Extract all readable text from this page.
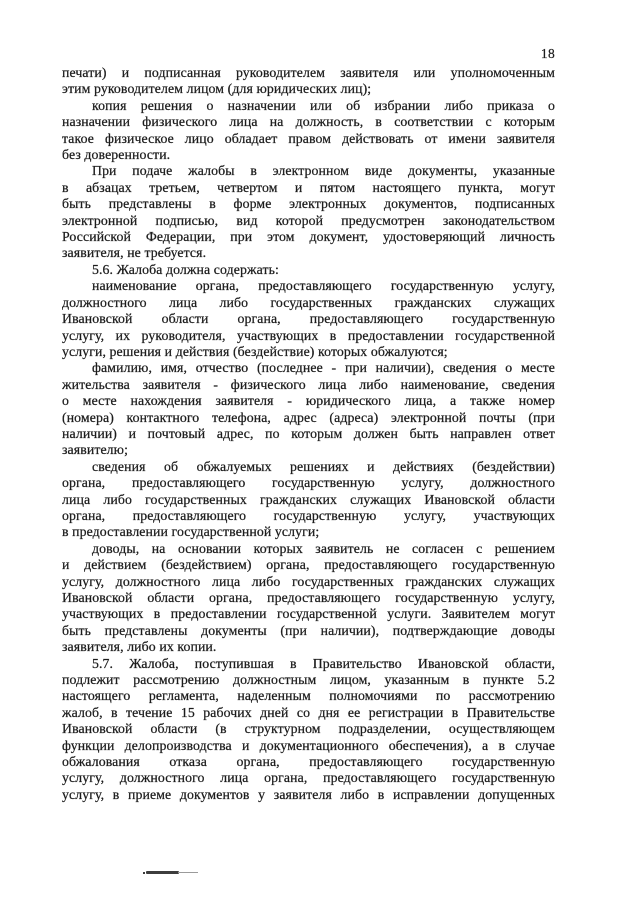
18
печати) и подписанная руководителем заявителя или уполномоченным
этим руководителем лицом (для юридических лиц);
копия решения о назначении или об избрании либо приказа о
назначении физического лица на должность, в соответствии с которым
такое физическое лицо обладает правом действовать от имени заявителя
без доверенности.
При подаче жалобы в электронном виде документы, указанные
в абзацах третьем, четвертом и пятом настоящего пункта, могут
быть представлены в форме электронных документов, подписанных
электронной подписью, вид которой предусмотрен законодательством
Российской Федерации, при этом документ, удостоверяющий личность
заявителя, не требуется.
5.6. Жалоба должна содержать:
наименование органа, предоставляющего государственную услугу,
должностного лица либо государственных гражданских служащих
Ивановской области органа, предоставляющего государственную
услугу, их руководителя, участвующих в предоставлении государственной
услуги, решения и действия (бездействие) которых обжалуются;
фамилию, имя, отчество (последнее - при наличии), сведения о месте
жительства заявителя - физического лица либо наименование, сведения
о месте нахождения заявителя - юридического лица, а также номер
(номера) контактного телефона, адрес (адреса) электронной почты (при
наличии) и почтовый адрес, по которым должен быть направлен ответ
заявителю;
сведения об обжалуемых решениях и действиях (бездействии)
органа, предоставляющего государственную услугу, должностного
лица либо государственных гражданских служащих Ивановской области
органа, предоставляющего государственную услугу, участвующих
в предоставлении государственной услуги;
доводы, на основании которых заявитель не согласен с решением
и действием (бездействием) органа, предоставляющего государственную
услугу, должностного лица либо государственных гражданских служащих
Ивановской области органа, предоставляющего государственную услугу,
участвующих в предоставлении государственной услуги. Заявителем могут
быть представлены документы (при наличии), подтверждающие доводы
заявителя, либо их копии.
5.7. Жалоба, поступившая в Правительство Ивановской области,
подлежит рассмотрению должностным лицом, указанным в пункте 5.2
настоящего регламента, наделенным полномочиями по рассмотрению
жалоб, в течение 15 рабочих дней со дня ее регистрации в Правительстве
Ивановской области (в структурном подразделении, осуществляющем
функции делопроизводства и документационного обеспечения), а в случае
обжалования отказа органа, предоставляющего государственную
услугу, должностного лица органа, предоставляющего государственную
услугу, в приеме документов у заявителя либо в исправлении допущенных
